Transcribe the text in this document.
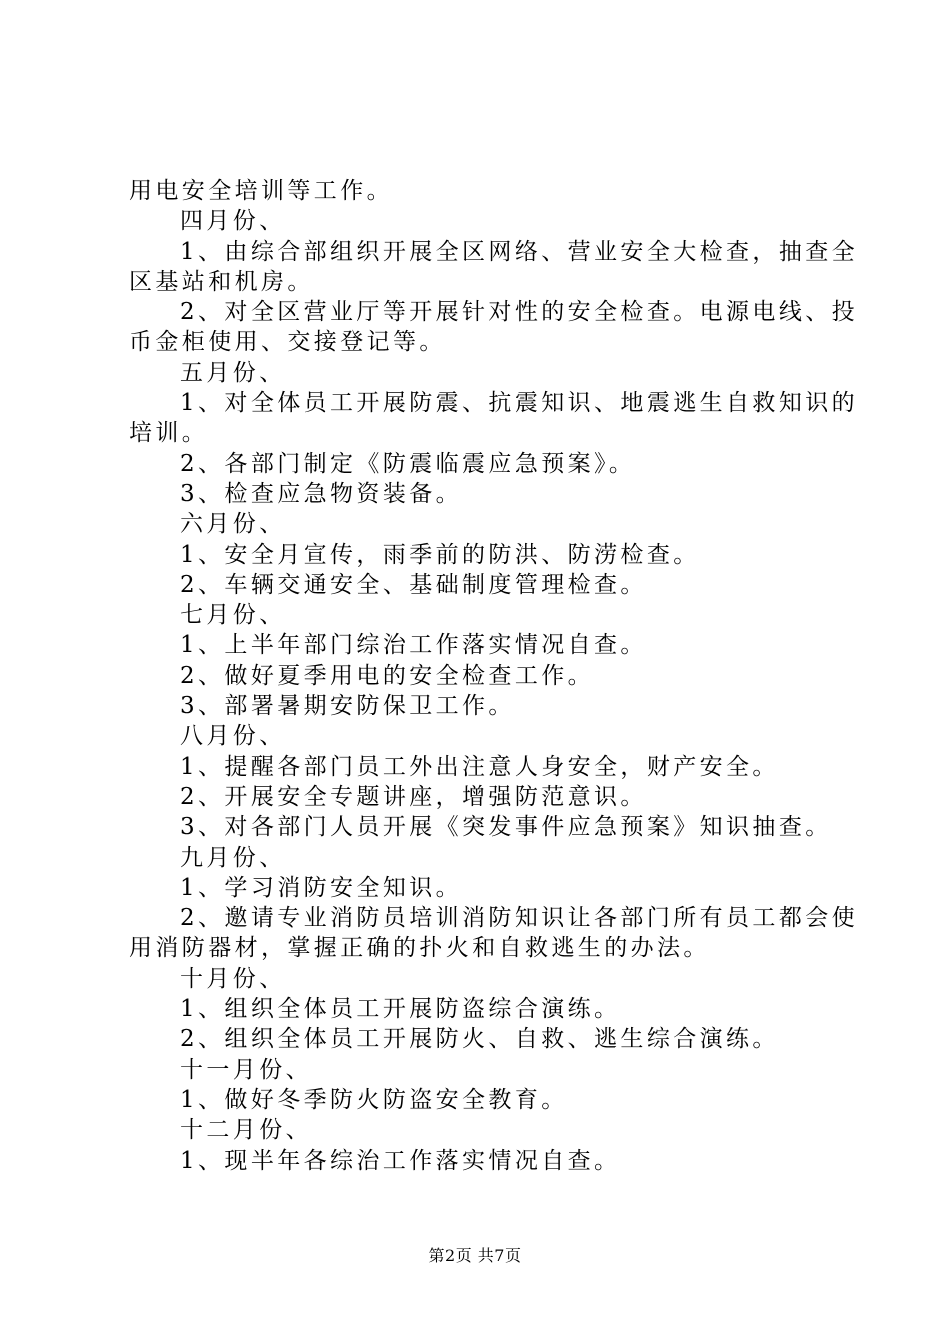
用电安全培训等工作。
四月份、
1、由综合部组织开展全区网络、营业安全大检查，抽查全
区基站和机房。
2、对全区营业厅等开展针对性的安全检查。电源电线、投
币金柜使用、交接登记等。
五月份、
1、对全体员工开展防震、抗震知识、地震逃生自救知识的
培训。
2、各部门制定《防震临震应急预案》。
3、检查应急物资装备。
六月份、
1、安全月宣传，雨季前的防洪、防涝检查。
2、车辆交通安全、基础制度管理检查。
七月份、
1、上半年部门综治工作落实情况自查。
2、做好夏季用电的安全检查工作。
3、部署暑期安防保卫工作。
八月份、
1、提醒各部门员工外出注意人身安全，财产安全。
2、开展安全专题讲座，增强防范意识。
3、对各部门人员开展《突发事件应急预案》知识抽查。
九月份、
1、学习消防安全知识。
2、邀请专业消防员培训消防知识让各部门所有员工都会使
用消防器材，掌握正确的扑火和自救逃生的办法。
十月份、
1、组织全体员工开展防盗综合演练。
2、组织全体员工开展防火、自救、逃生综合演练。
十一月份、
1、做好冬季防火防盗安全教育。
十二月份、
1、现半年各综治工作落实情况自查。
第2页 共7页
